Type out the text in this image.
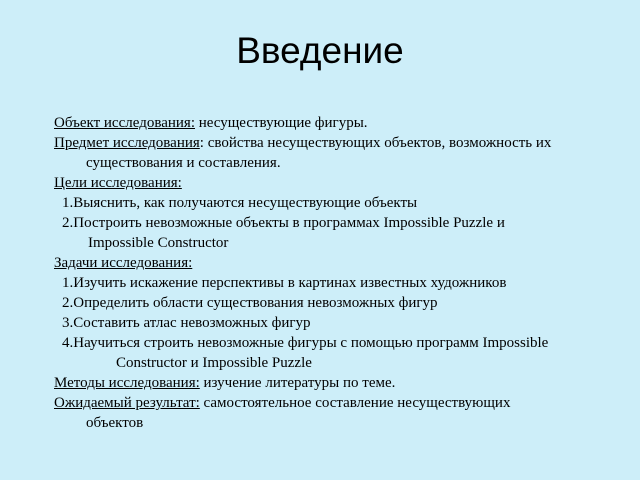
Введение
Объект исследования: несуществующие фигуры.
Предмет исследования: свойства несуществующих объектов, возможность их
существования и составления.
Цели исследования:
1.Выяснить, как получаются несуществующие объекты
2.Построить невозможные объекты в программах Impossible Puzzle и
Impossible Constructor
Задачи исследования:
1.Изучить искажение перспективы в картинах известных художников
2.Определить области существования невозможных фигур
3.Составить атлас невозможных фигур
4.Научиться строить невозможные фигуры с помощью программ Impossible
Constructor и Impossible Puzzle
Методы исследования: изучение литературы по теме.
Ожидаемый результат: самостоятельное составление несуществующих
объектов
